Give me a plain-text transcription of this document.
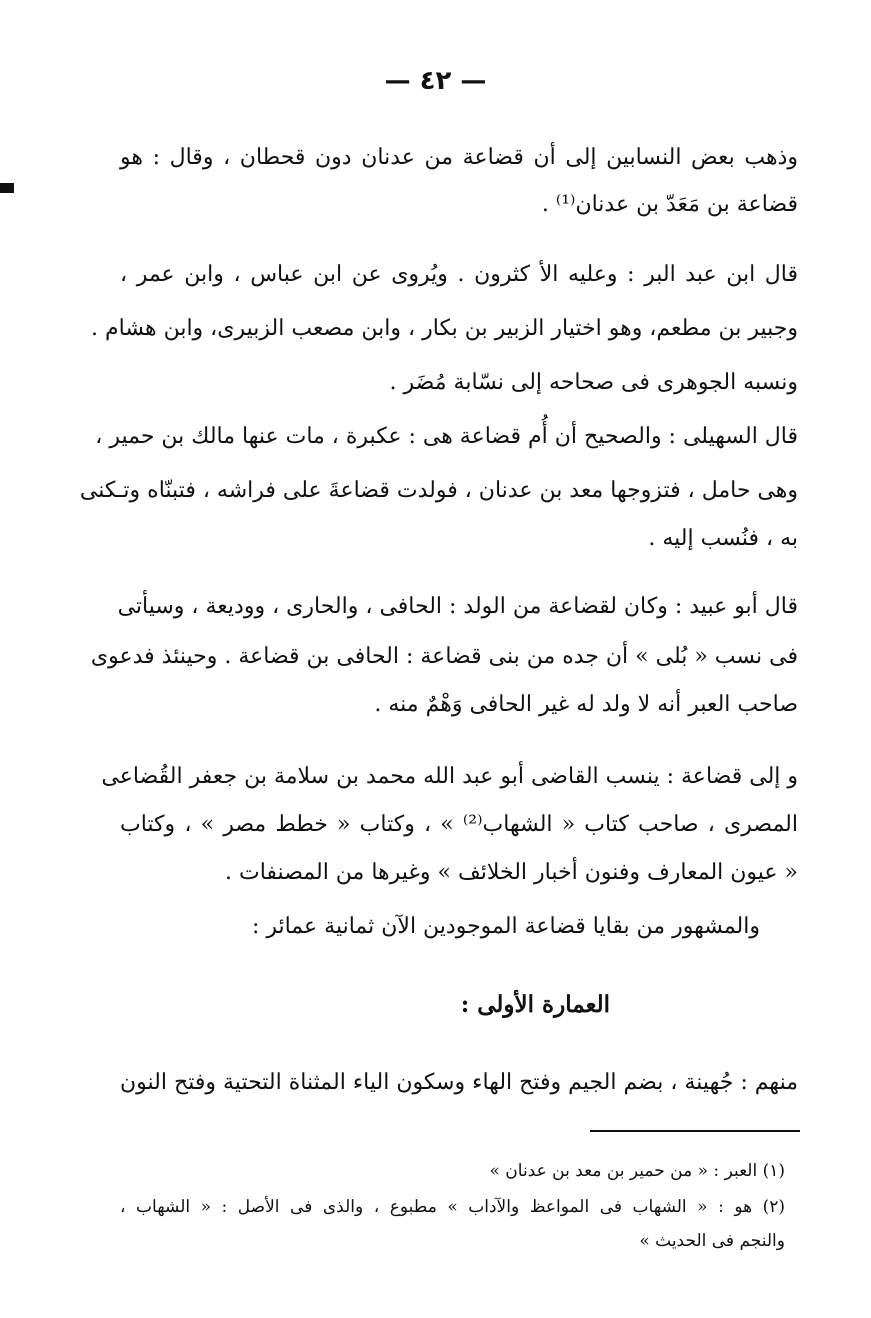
— ٤٢ —
وذهب بعض النسابين إلى أن قضاعة من عدنان دون قحطان ، وقال : هو
قضاعة بن مَعَدّ بن عدنان⁽¹⁾ .
قال ابن عبد البر : وعليه الأ كثرون . ويُروى عن ابن عباس ، وابن عمر ،
وجبير بن مطعم، وهو اختيار الزبير بن بكار ، وابن مصعب الزبيرى، وابن هشام .
ونسبه الجوهرى فى صحاحه إلى نسّابة مُضَر .
قال السهيلى : والصحيح أن أُم قضاعة هى : عكبرة ، مات عنها مالك بن حمير ،
وهى حامل ، فتزوجها معد بن عدنان ، فولدت قضاعةَ على فراشه ، فتبنّاه وتـكنى
به ، فنُسب إليه .
قال أبو عبيد : وكان لقضاعة من الولد : الحافى ، والحارى ، ووديعة ، وسيأتى
فى نسب « بُلى » أن جده من بنى قضاعة : الحافى بن قضاعة . وحينئذ فدعوى
صاحب العبر أنه لا ولد له غير الحافى وَهْمٌ منه .
و إلى قضاعة : ينسب القاضى أبو عبد الله محمد بن سلامة بن جعفر القُضاعى
المصرى ، صاحب كتاب « الشهاب⁽²⁾ » ، وكتاب « خطط مصر » ، وكتاب
« عيون المعارف وفنون أخبار الخلائف » وغيرها من المصنفات .
والمشهور من بقايا قضاعة الموجودين الآن ثمانية عمائر :
العمارة الأولى :
منهم : جُهينة ، بضم الجيم وفتح الهاء وسكون الياء المثناة التحتية وفتح النون
(١) العبر : « من حمير بن معد بن عدنان »
(٢) هو : « الشهاب فى المواعظ والآداب » مطبوع ، والذى فى الأصل : « الشهاب ،
والنجم فى الحديث »
